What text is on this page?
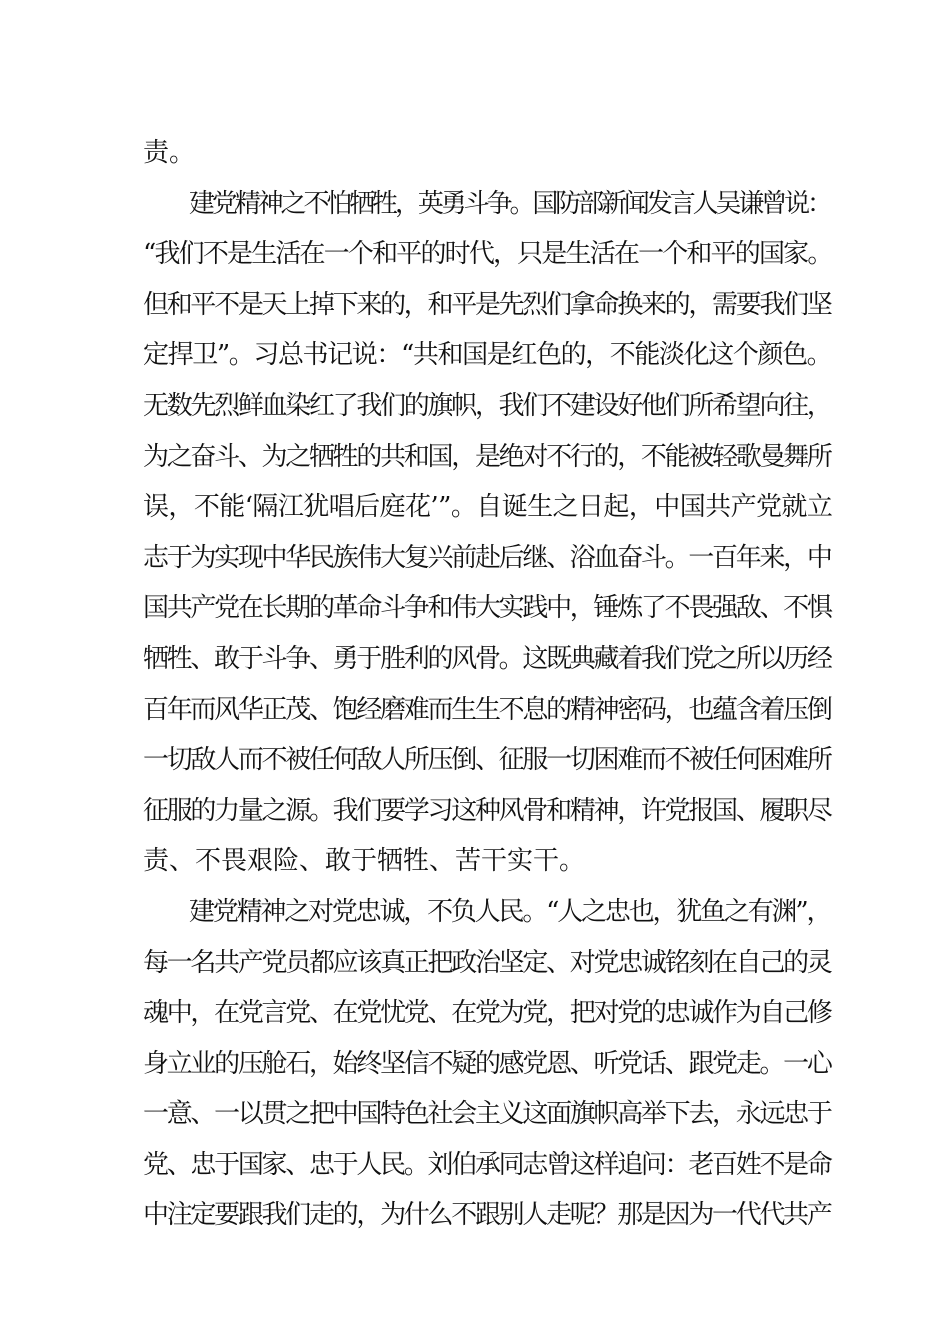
责。
建党精神之不怕牺牲，英勇斗争。国防部新闻发言人吴谦曾说：
“我们不是生活在一个和平的时代，只是生活在一个和平的国家。
但和平不是天上掉下来的，和平是先烈们拿命换来的，需要我们坚
定捍卫”。习总书记说：“共和国是红色的，不能淡化这个颜色。
无数先烈鲜血染红了我们的旗帜，我们不建设好他们所希望向往，
为之奋斗、为之牺牲的共和国，是绝对不行的，不能被轻歌曼舞所
误，不能‘隔江犹唱后庭花’”。自诞生之日起，中国共产党就立
志于为实现中华民族伟大复兴前赴后继、浴血奋斗。一百年来，中
国共产党在长期的革命斗争和伟大实践中，锤炼了不畏强敌、不惧
牺牲、敢于斗争、勇于胜利的风骨。这既典藏着我们党之所以历经
百年而风华正茂、饱经磨难而生生不息的精神密码，也蕴含着压倒
一切敌人而不被任何敌人所压倒、征服一切困难而不被任何困难所
征服的力量之源。我们要学习这种风骨和精神，许党报国、履职尽
责、不畏艰险、敢于牺牲、苦干实干。
建党精神之对党忠诚，不负人民。“人之忠也，犹鱼之有渊”，
每一名共产党员都应该真正把政治坚定、对党忠诚铭刻在自己的灵
魂中，在党言党、在党忧党、在党为党，把对党的忠诚作为自己修
身立业的压舱石，始终坚信不疑的感党恩、听党话、跟党走。一心
一意、一以贯之把中国特色社会主义这面旗帜高举下去，永远忠于
党、忠于国家、忠于人民。刘伯承同志曾这样追问：老百姓不是命
中注定要跟我们走的，为什么不跟别人走呢？那是因为一代代共产
